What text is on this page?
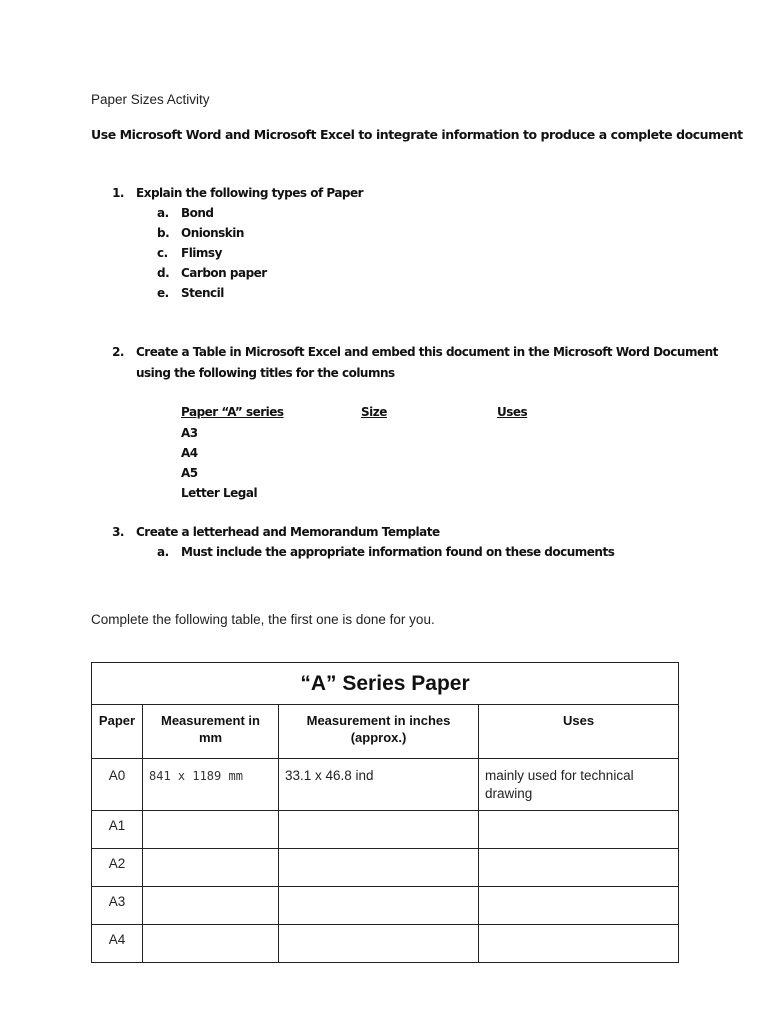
Paper Sizes Activity
Use Microsoft Word and Microsoft Excel to integrate information to produce a complete document
1. Explain the following types of Paper
a.	Bond
b. Onionskin
c.	Flimsy
d. Carbon paper
e.	Stencil
2. Create a Table in Microsoft Excel and embed this document in the Microsoft Word Document
using the following titles for the columns
Paper “A” series	Size	Uses
A3
A4
A5
Letter Legal
3. Create a letterhead and Memorandum Template
a.	Must include the appropriate information found on these documents
Complete the following table, the first one is done for you.
“A” Series Paper			
Paper	Measurement in mm	Measurement in inches (approx.)	Uses
A0	841 x 1189 mm	33.1 x 46.8 ind	mainly used for technical drawing
A1			
A2			
A3			
A4			
